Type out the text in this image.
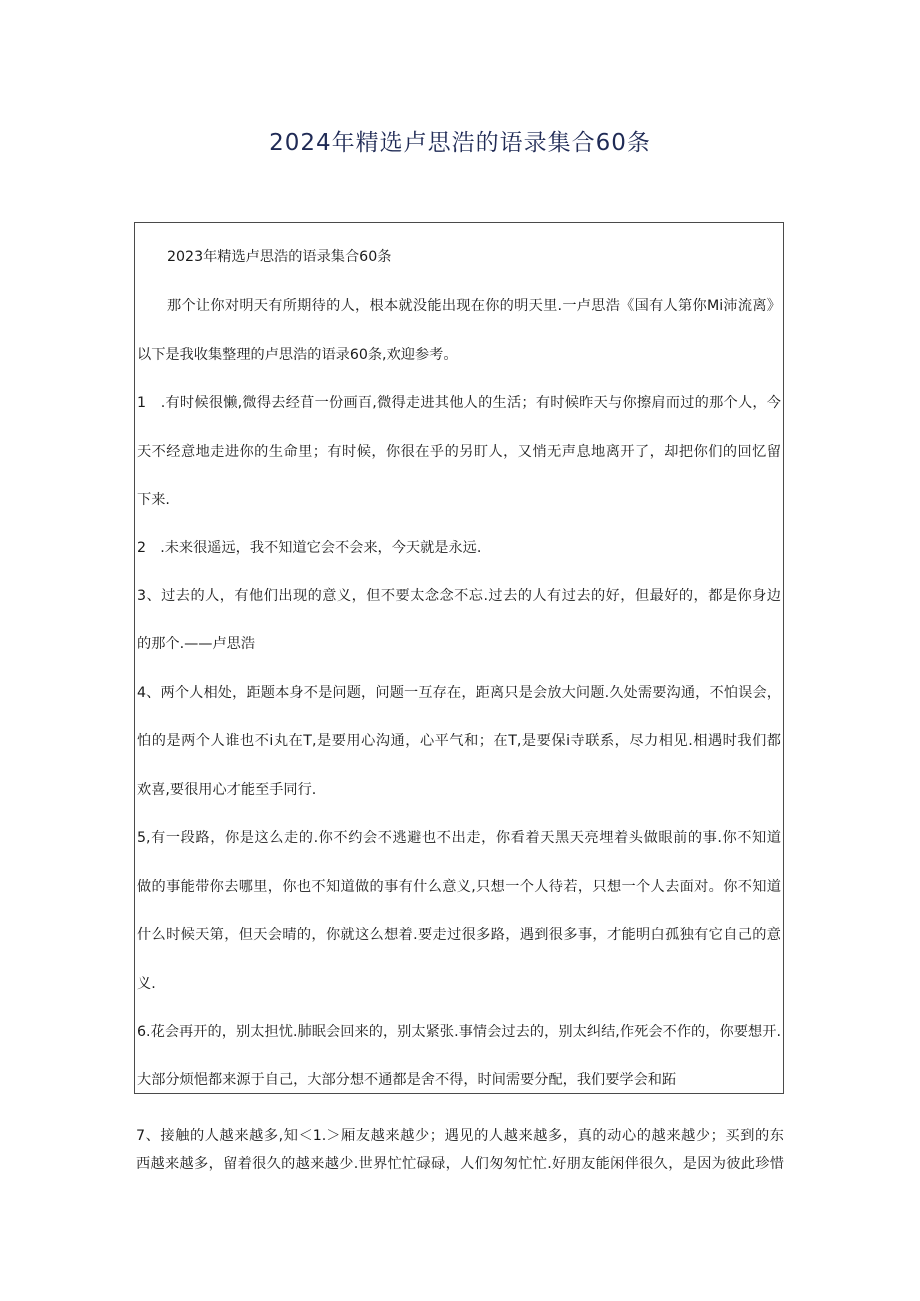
2024年精选卢思浩的语录集合60条
2023年精选卢思浩的语录集合60条
那个让你对明天有所期待的人，根本就没能出现在你的明天里.一卢思浩《国有人第你Mi沛流离》
以下是我收集整理的卢思浩的语录60条,欢迎参考。
1　.有时候很懒,微得去经苜一份画百,微得走进其他人的生活；有时候昨天与你擦肩而过的那个人，今
天不经意地走进你的生命里；有时候，你很在乎的另盯人，又悄无声息地离开了，却把你们的回忆留
下来.
2　.未来很遥远，我不知道它会不会来，今天就是永远.
3、过去的人，有他们出现的意义，但不要太念念不忘.过去的人有过去的好，但最好的，都是你身边
的那个.——卢思浩
4、两个人相处，距题本身不是问题，问题一互存在，距离只是会放大问题.久处需要沟通，不怕误会，
怕的是两个人谁也不i丸在T,是要用心沟通，心平气和；在T,是要保i寺联系，尽力相见.相遇时我们都
欢喜,要很用心才能至手同行.
5,有一段路，你是这么走的.你不约会不逃避也不出走，你看着天黑天亮埋着头做眼前的事.你不知道
做的事能带你去哪里，你也不知道做的事有什么意义,只想一个人待若，只想一个人去面对。你不知道
什么时候天第，但天会晴的，你就这么想着.要走过很多路，遇到很多事，才能明白孤独有它自己的意
义.
6.花会再开的，别太担忧.肺眠会回来的，别太紧张.事情会过去的，别太纠结,作死会不作的，你要想开.
大部分烦悒都来源于自己，大部分想不通都是舍不得，时间需要分配，我们要学会和跖
7、接触的人越来越多,知＜1.＞厢友越来越少；遇见的人越来越多，真的动心的越来越少；买到的东
西越来越多，留着很久的越来越少.世界忙忙碌碌，人们匆匆忙忙.好朋友能闲伴很久，是因为彼此珍惜
